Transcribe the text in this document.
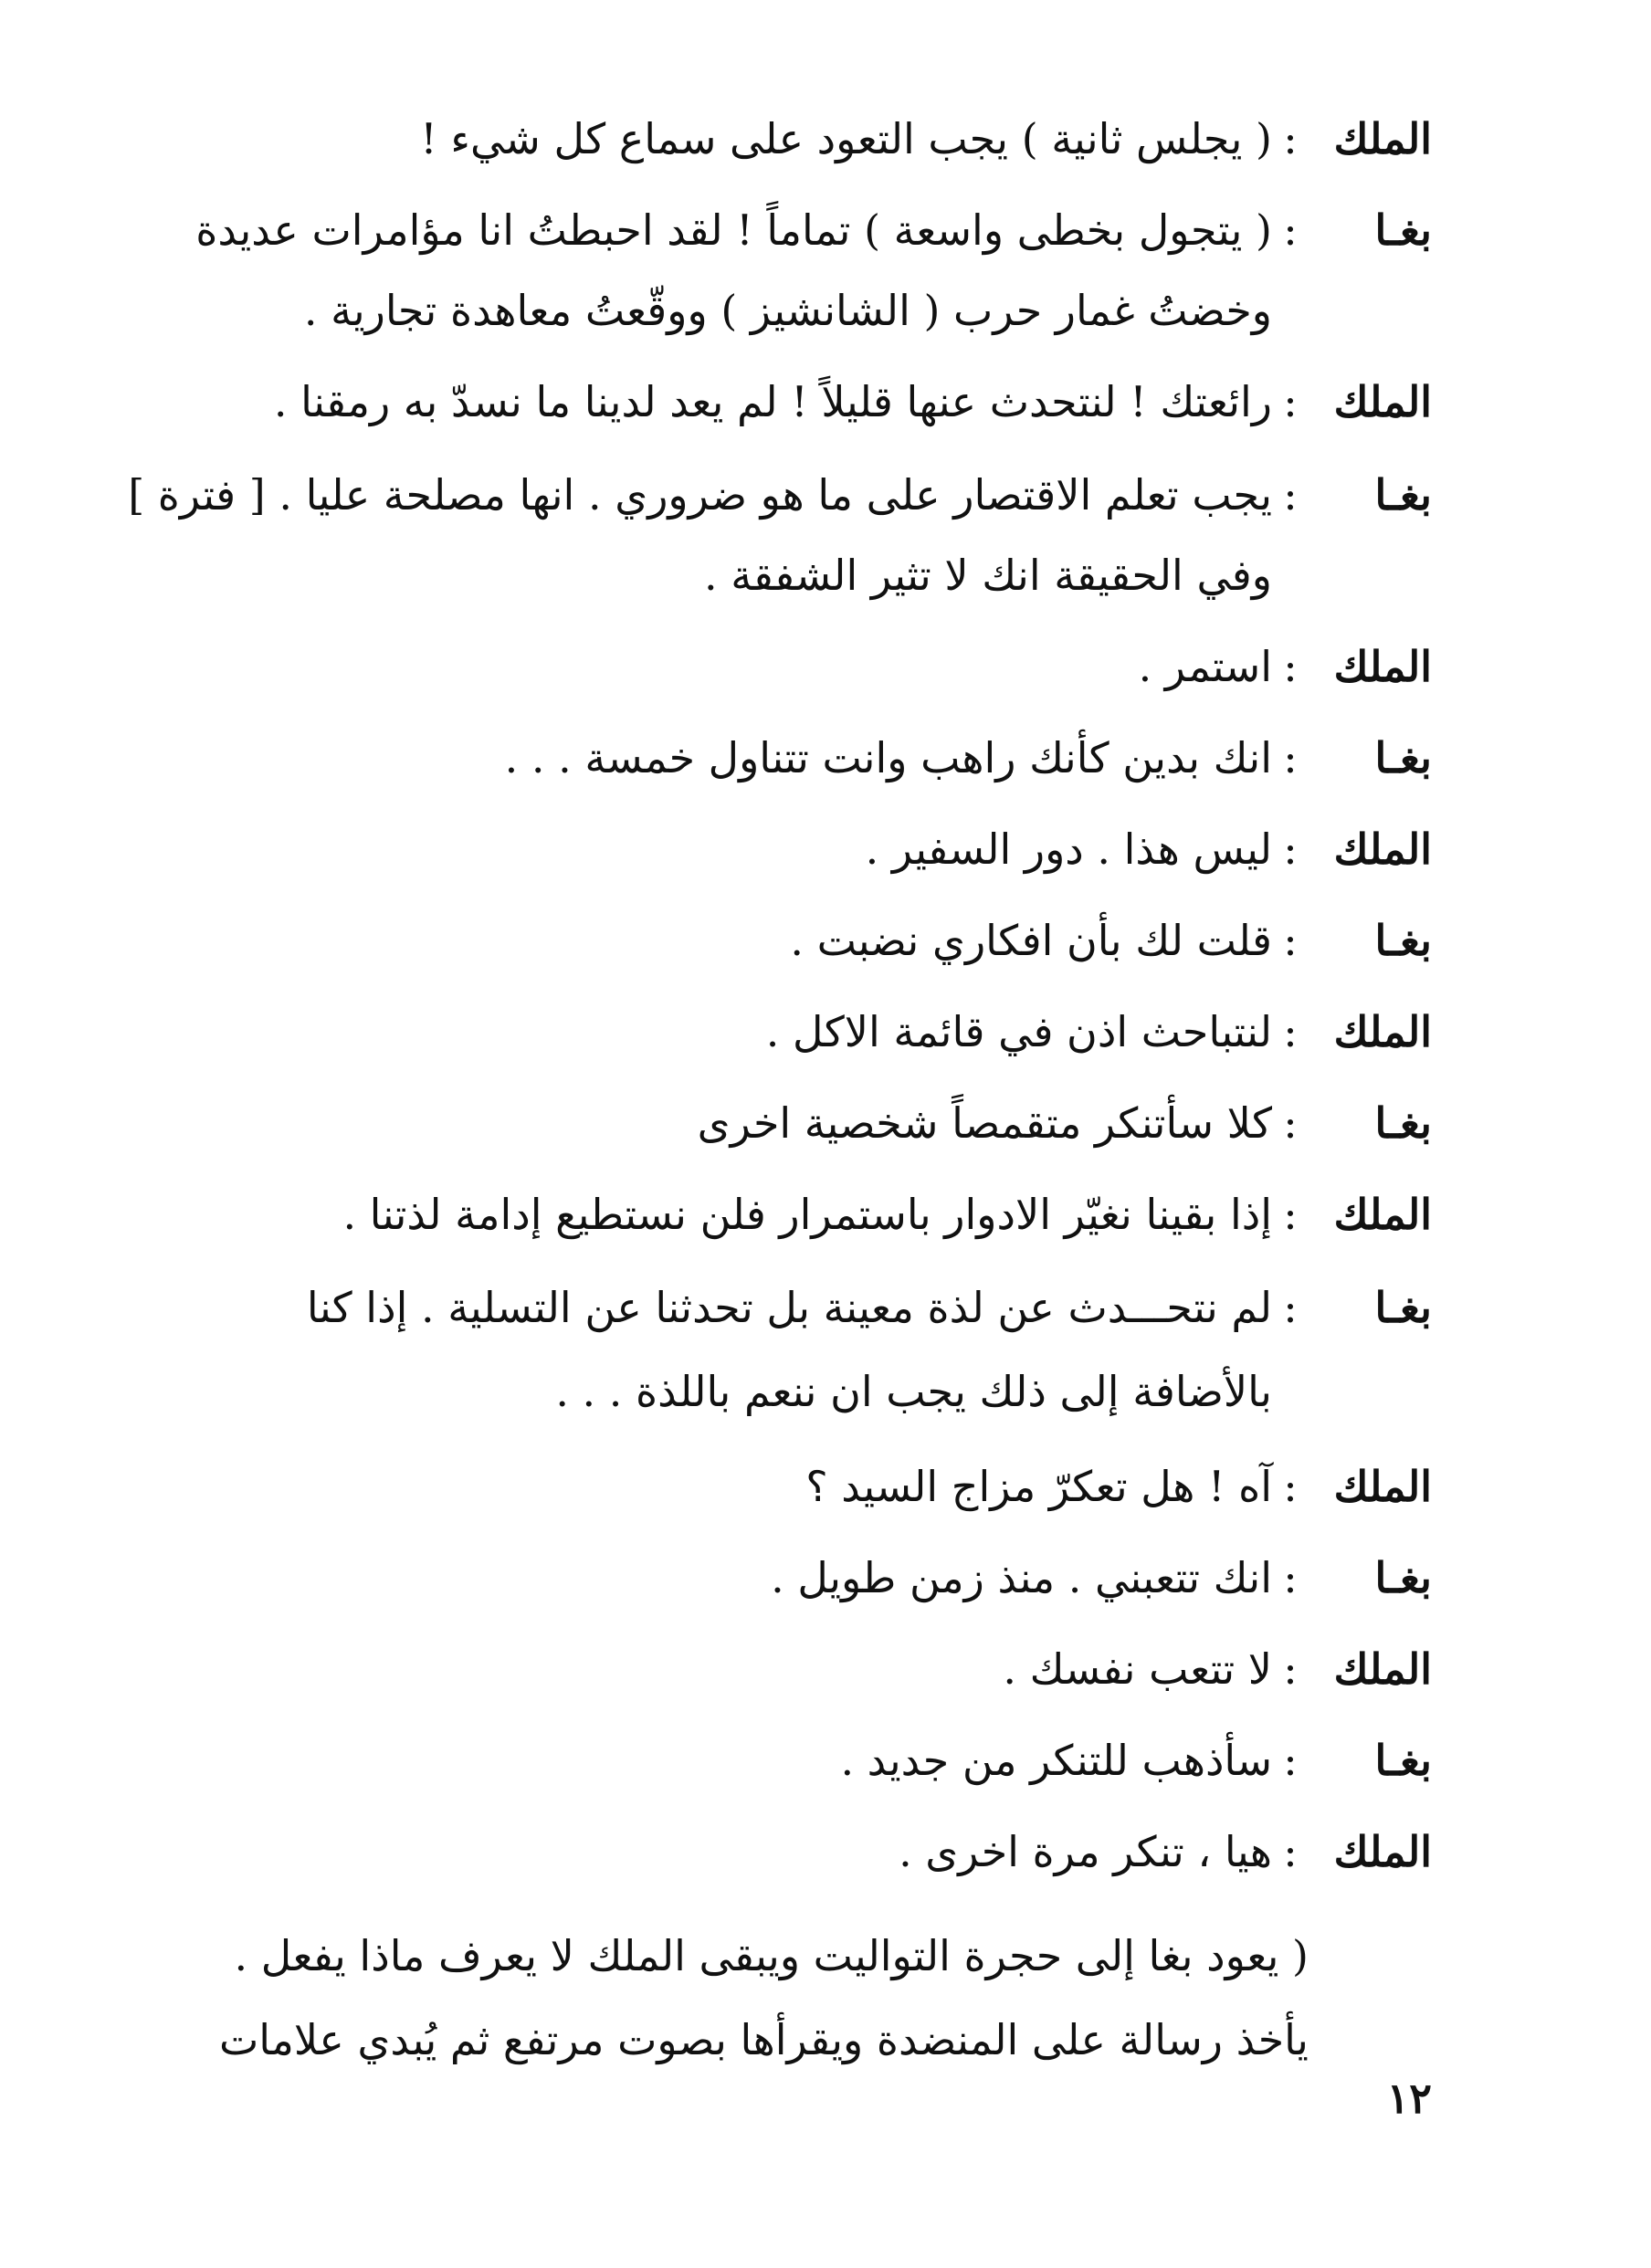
الملك:( يجلس ثانية ) يجب التعود على سماع كل شيء !
بغـا:( يتجول بخطى واسعة ) تماماً ! لقد احبطتُ انا مؤامرات عديدة
وخضتُ غمار حرب ( الشانشيز ) ووقّعتُ معاهدة تجارية .
الملك:رائعتك ! لنتحدث عنها قليلاً ! لم يعد لدينا ما نسدّ به رمقنا .
بغـا:يجب تعلم الاقتصار على ما هو ضروري . انها مصلحة عليا . [ فترة ]
وفي الحقيقة انك لا تثير الشفقة .
الملك:استمر .
بغـا:انك بدين كأنك راهب وانت تتناول خمسة . . .
الملك:ليس هذا . دور السفير .
بغـا:قلت لك بأن افكاري نضبت .
الملك:لنتباحث اذن في قائمة الاكل .
بغـا:كلا سأتنكر متقمصاً شخصية اخرى
الملك:إذا بقينا نغيّر الادوار باستمرار فلن نستطيع إدامة لذتنا .
بغـا:لم نتحـــدث عن لذة معينة بل تحدثنا عن التسلية . إذا كنا
بالأضافة إلى ذلك يجب ان ننعم باللذة . . .
الملك:آه ! هل تعكرّ مزاج السيد ؟
بغـا:انك تتعبني . منذ زمن طويل .
الملك:لا تتعب نفسك .
بغـا:سأذهب للتنكر من جديد .
الملك:هيا ، تنكر مرة اخرى .
( يعود بغا إلى حجرة التواليت ويبقى الملك لا يعرف ماذا يفعل .
يأخذ رسالة على المنضدة ويقرأها بصوت مرتفع ثم يُبدي علامات
١٢
